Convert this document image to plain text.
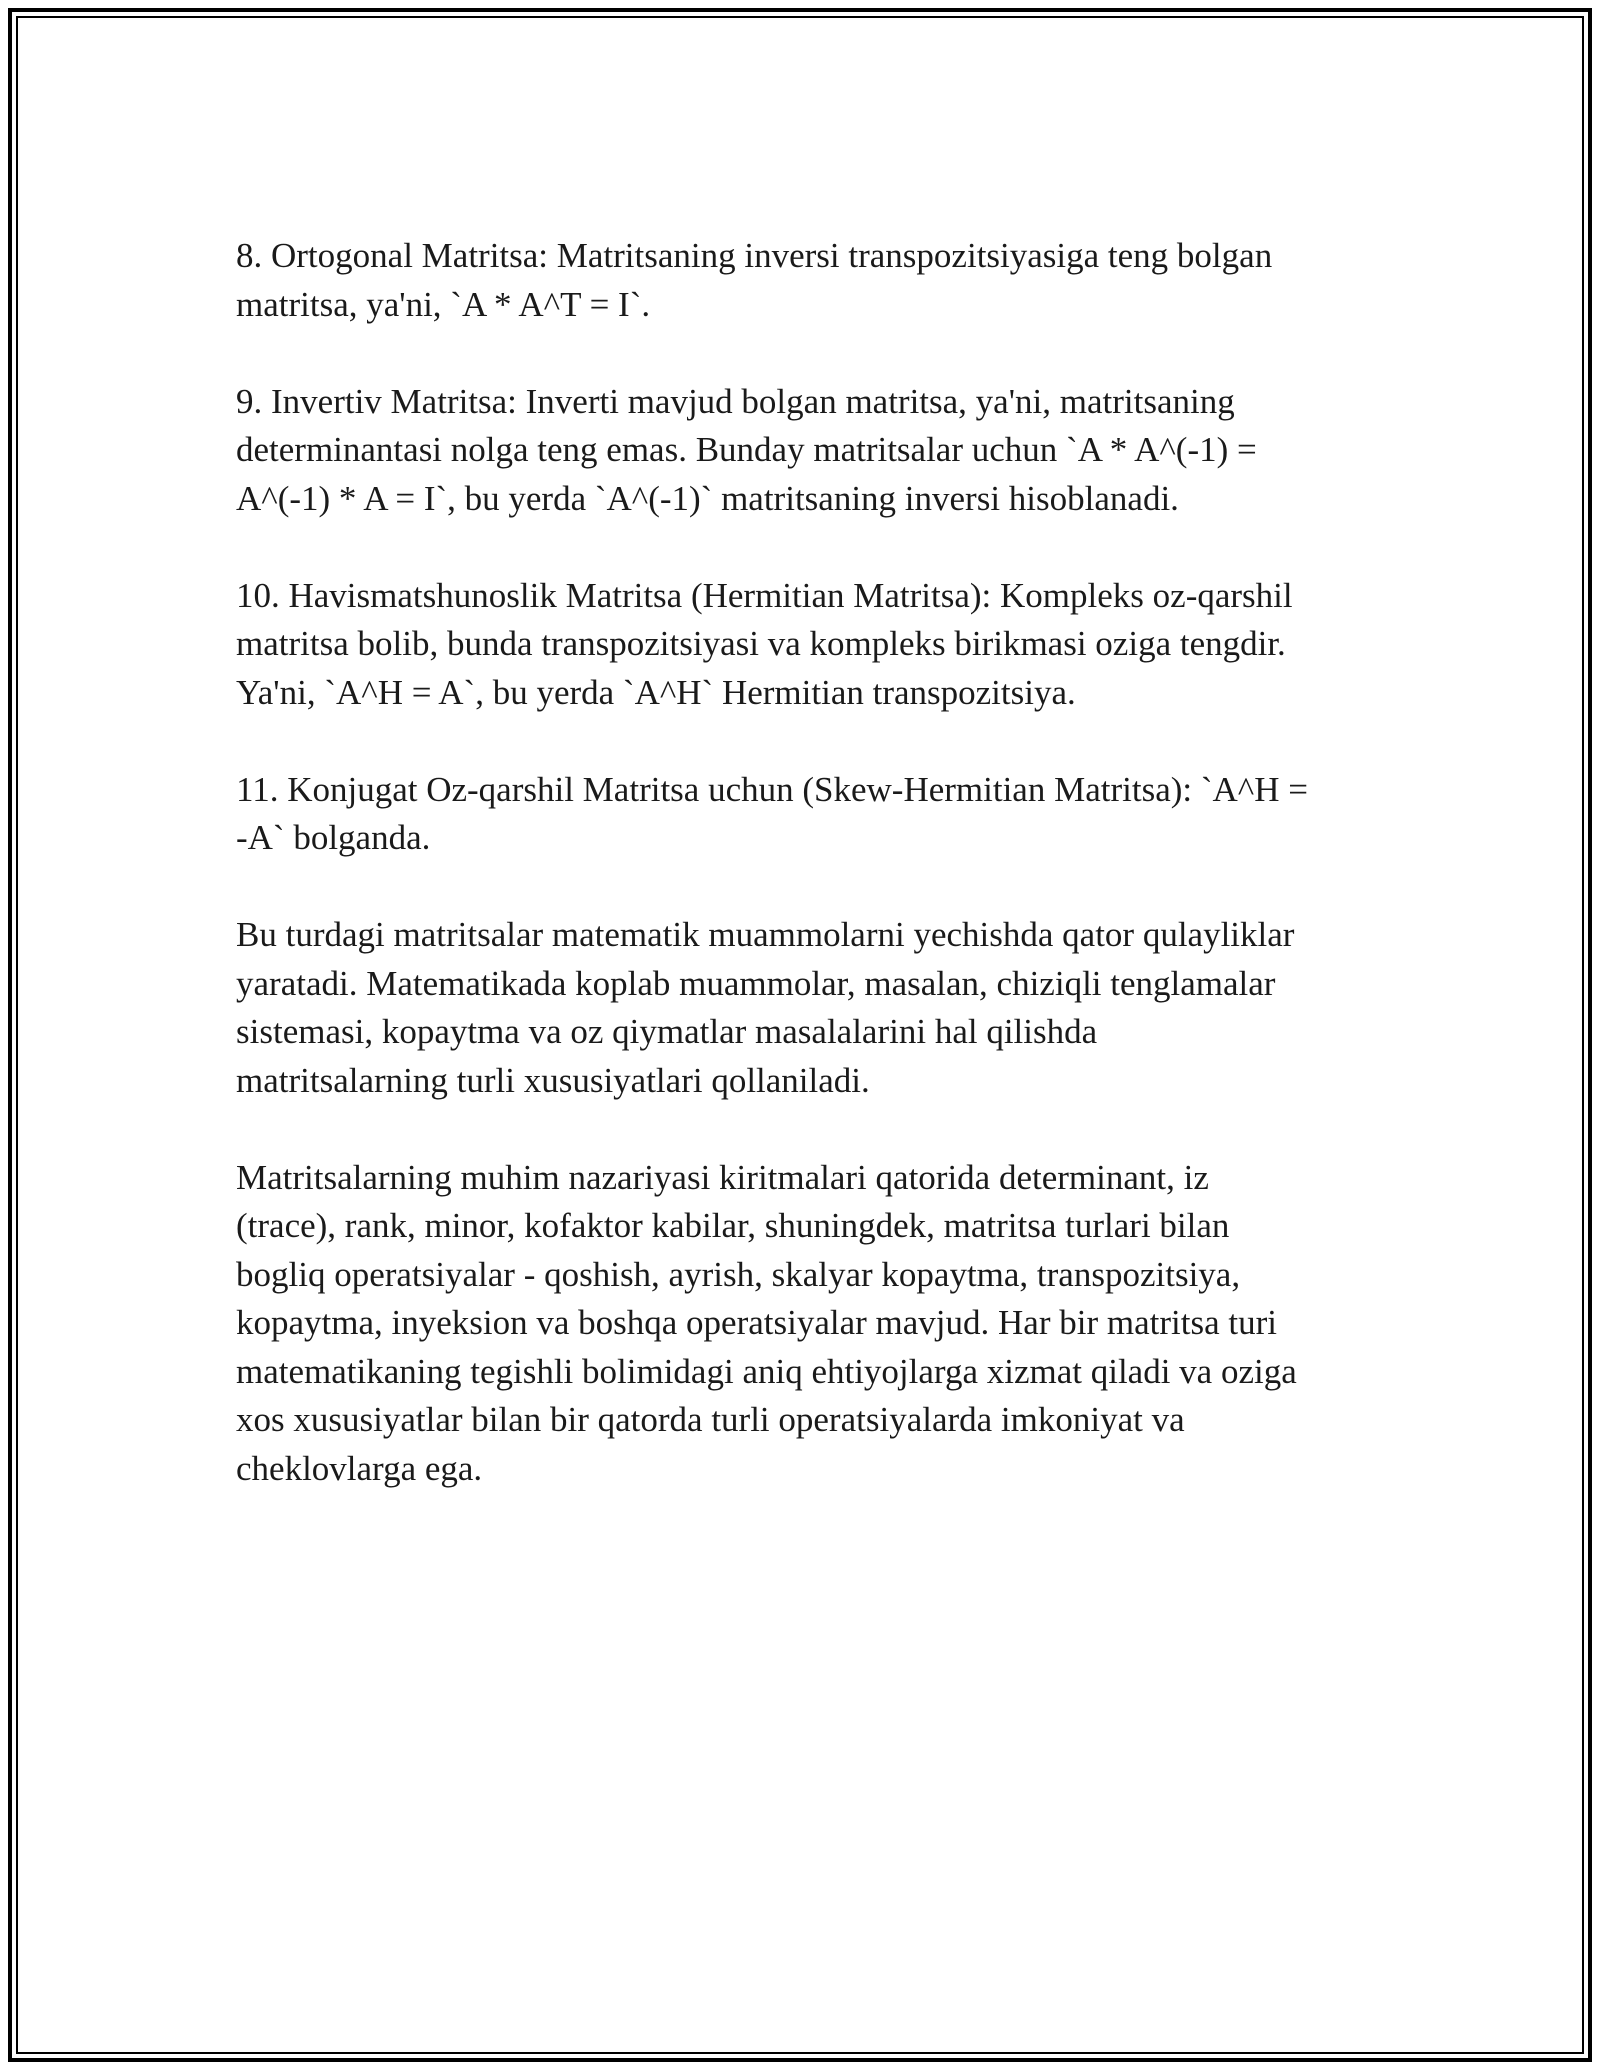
8. Ortogonal Matritsa: Matritsaning inversi transpozitsiyasiga teng bolgan
matritsa, ya'ni, `A * A^T = I`.

9. Invertiv Matritsa: Inverti mavjud bolgan matritsa, ya'ni, matritsaning
determinantasi nolga teng emas. Bunday matritsalar uchun `A * A^(-1) =
A^(-1) * A = I`, bu yerda `A^(-1)` matritsaning inversi hisoblanadi.

10. Havismatshunoslik Matritsa (Hermitian Matritsa): Kompleks oz-qarshil
matritsa bolib, bunda transpozitsiyasi va kompleks birikmasi oziga tengdir.
Ya'ni, `A^H = A`, bu yerda `A^H` Hermitian transpozitsiya.

11. Konjugat Oz-qarshil Matritsa uchun (Skew-Hermitian Matritsa): `A^H =
-A` bolganda.

Bu turdagi matritsalar matematik muammolarni yechishda qator qulayliklar
yaratadi. Matematikada koplab muammolar, masalan, chiziqli tenglamalar
sistemasi, kopaytma va oz qiymatlar masalalarini hal qilishda
matritsalarning turli xususiyatlari qollaniladi.

Matritsalarning muhim nazariyasi kiritmalari qatorida determinant, iz
(trace), rank, minor, kofaktor kabilar, shuningdek, matritsa turlari bilan
bogliq operatsiyalar - qoshish, ayrish, skalyar kopaytma, transpozitsiya,
kopaytma, inyeksion va boshqa operatsiyalar mavjud. Har bir matritsa turi
matematikaning tegishli bolimidagi aniq ehtiyojlarga xizmat qiladi va oziga
xos xususiyatlar bilan bir qatorda turli operatsiyalarda imkoniyat va
cheklovlarga ega.
